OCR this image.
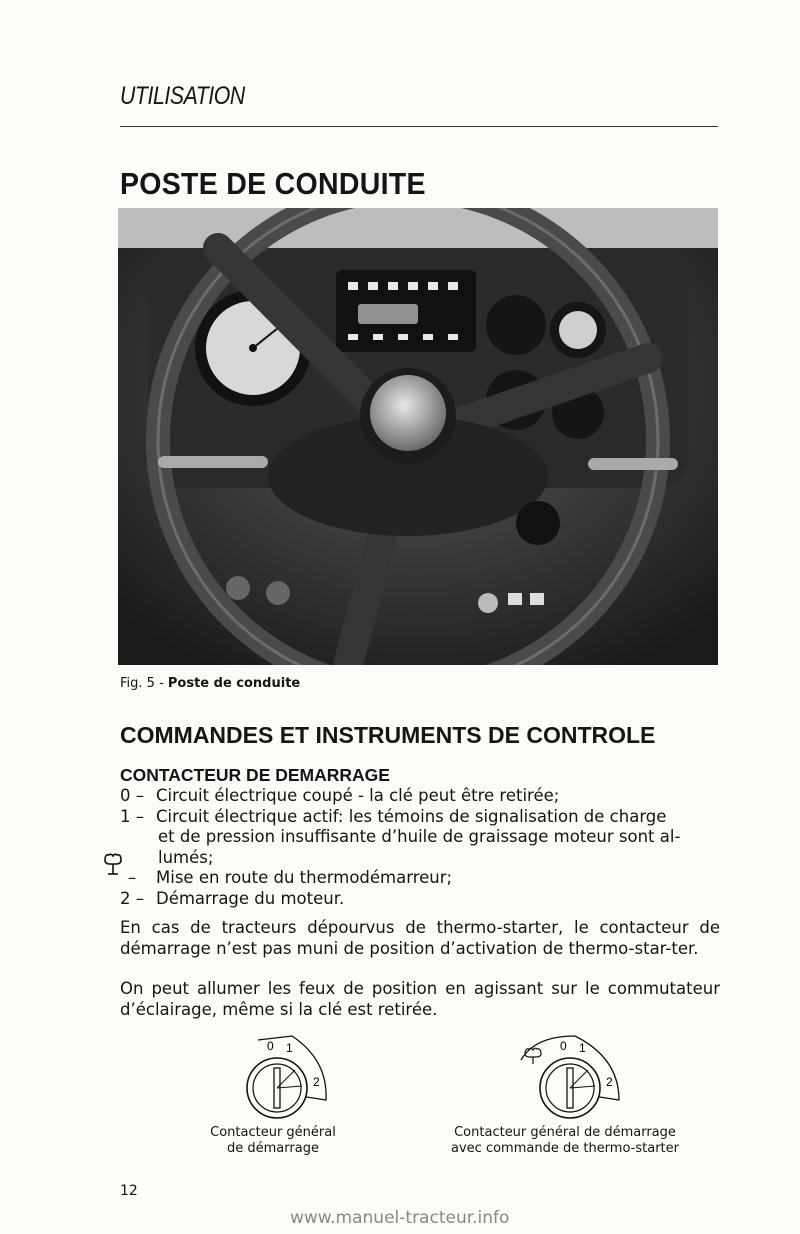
UTILISATION
POSTE DE CONDUITE
Fig. 5 - Poste de conduite
COMMANDES ET INSTRUMENTS DE CONTROLE
CONTACTEUR DE DEMARRAGE
0 – Circuit électrique coupé - la clé peut être retirée;
1 – Circuit électrique actif: les témoins de signalisation de charge
et de pression insuffisante d’huile de graissage moteur sont al-
lumés;
–	Mise en route du thermodémarreur;
2 – Démarrage du moteur.
En cas de tracteurs dépourvus de thermo-starter, le contacteur de démarrage n’est pas muni de position d’activation de thermo-star-ter.
On peut allumer les feux de position en agissant sur le commutateur d’éclairage, même si la clé est retirée.
0 1
2
Contacteur général
de démarrage
0 1
2
Contacteur général de démarrage
avec commande de thermo-starter
12
www.manuel-tracteur.info
